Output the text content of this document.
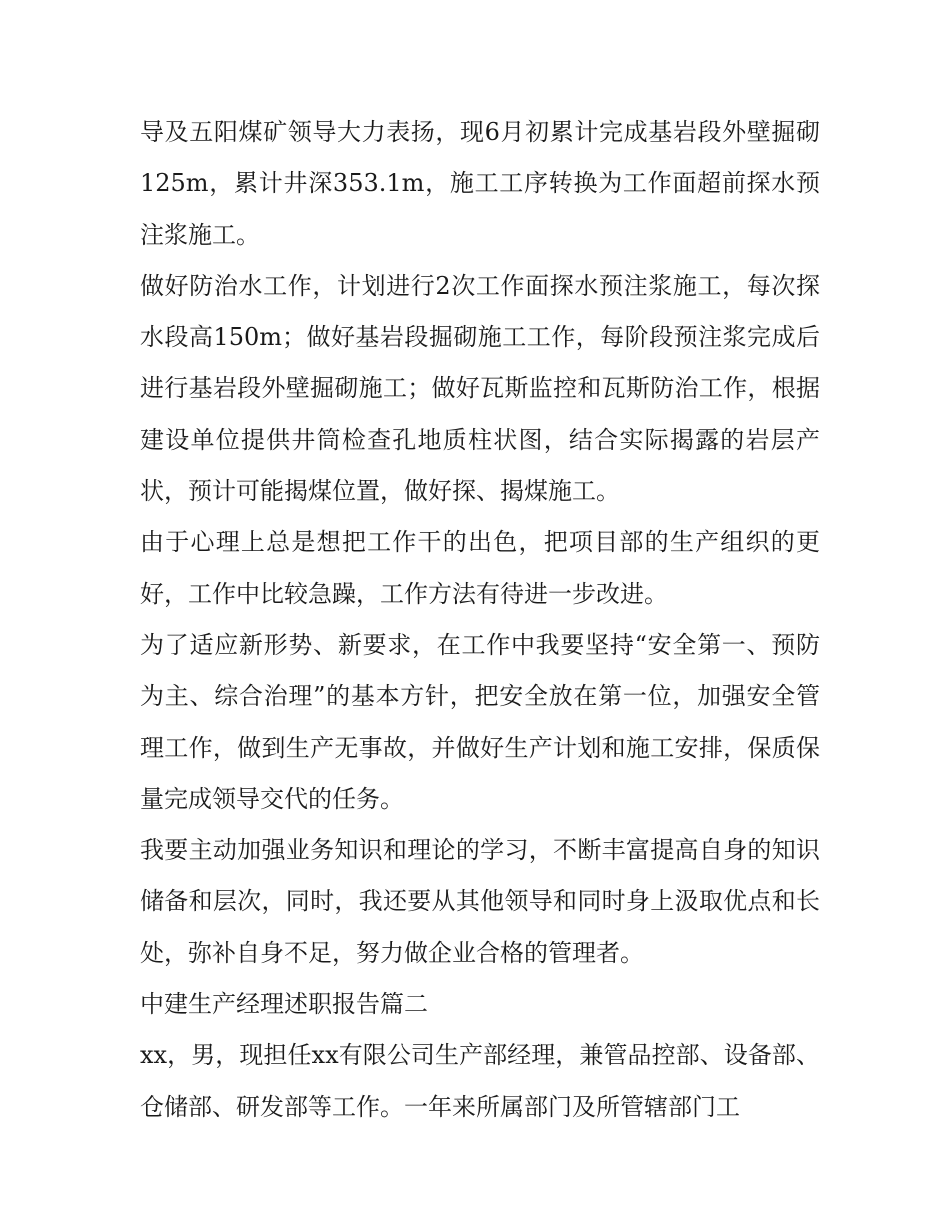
导及五阳煤矿领导大力表扬，现6月初累计完成基岩段外壁掘砌125m，累计井深353.1m，施工工序转换为工作面超前探水预注浆施工。

做好防治水工作，计划进行2次工作面探水预注浆施工，每次探水段高150m；做好基岩段掘砌施工工作，每阶段预注浆完成后进行基岩段外壁掘砌施工；做好瓦斯监控和瓦斯防治工作，根据建设单位提供井筒检查孔地质柱状图，结合实际揭露的岩层产状，预计可能揭煤位置，做好探、揭煤施工。

由于心理上总是想把工作干的出色，把项目部的生产组织的更好，工作中比较急躁，工作方法有待进一步改进。

为了适应新形势、新要求，在工作中我要坚持“安全第一、预防为主、综合治理”的基本方针，把安全放在第一位，加强安全管理工作，做到生产无事故，并做好生产计划和施工安排，保质保量完成领导交代的任务。

我要主动加强业务知识和理论的学习，不断丰富提高自身的知识储备和层次，同时，我还要从其他领导和同时身上汲取优点和长处，弥补自身不足，努力做企业合格的管理者。

中建生产经理述职报告篇二

xx，男，现担任xx有限公司生产部经理，兼管品控部、设备部、仓储部、研发部等工作。一年来所属部门及所管辖部门工
